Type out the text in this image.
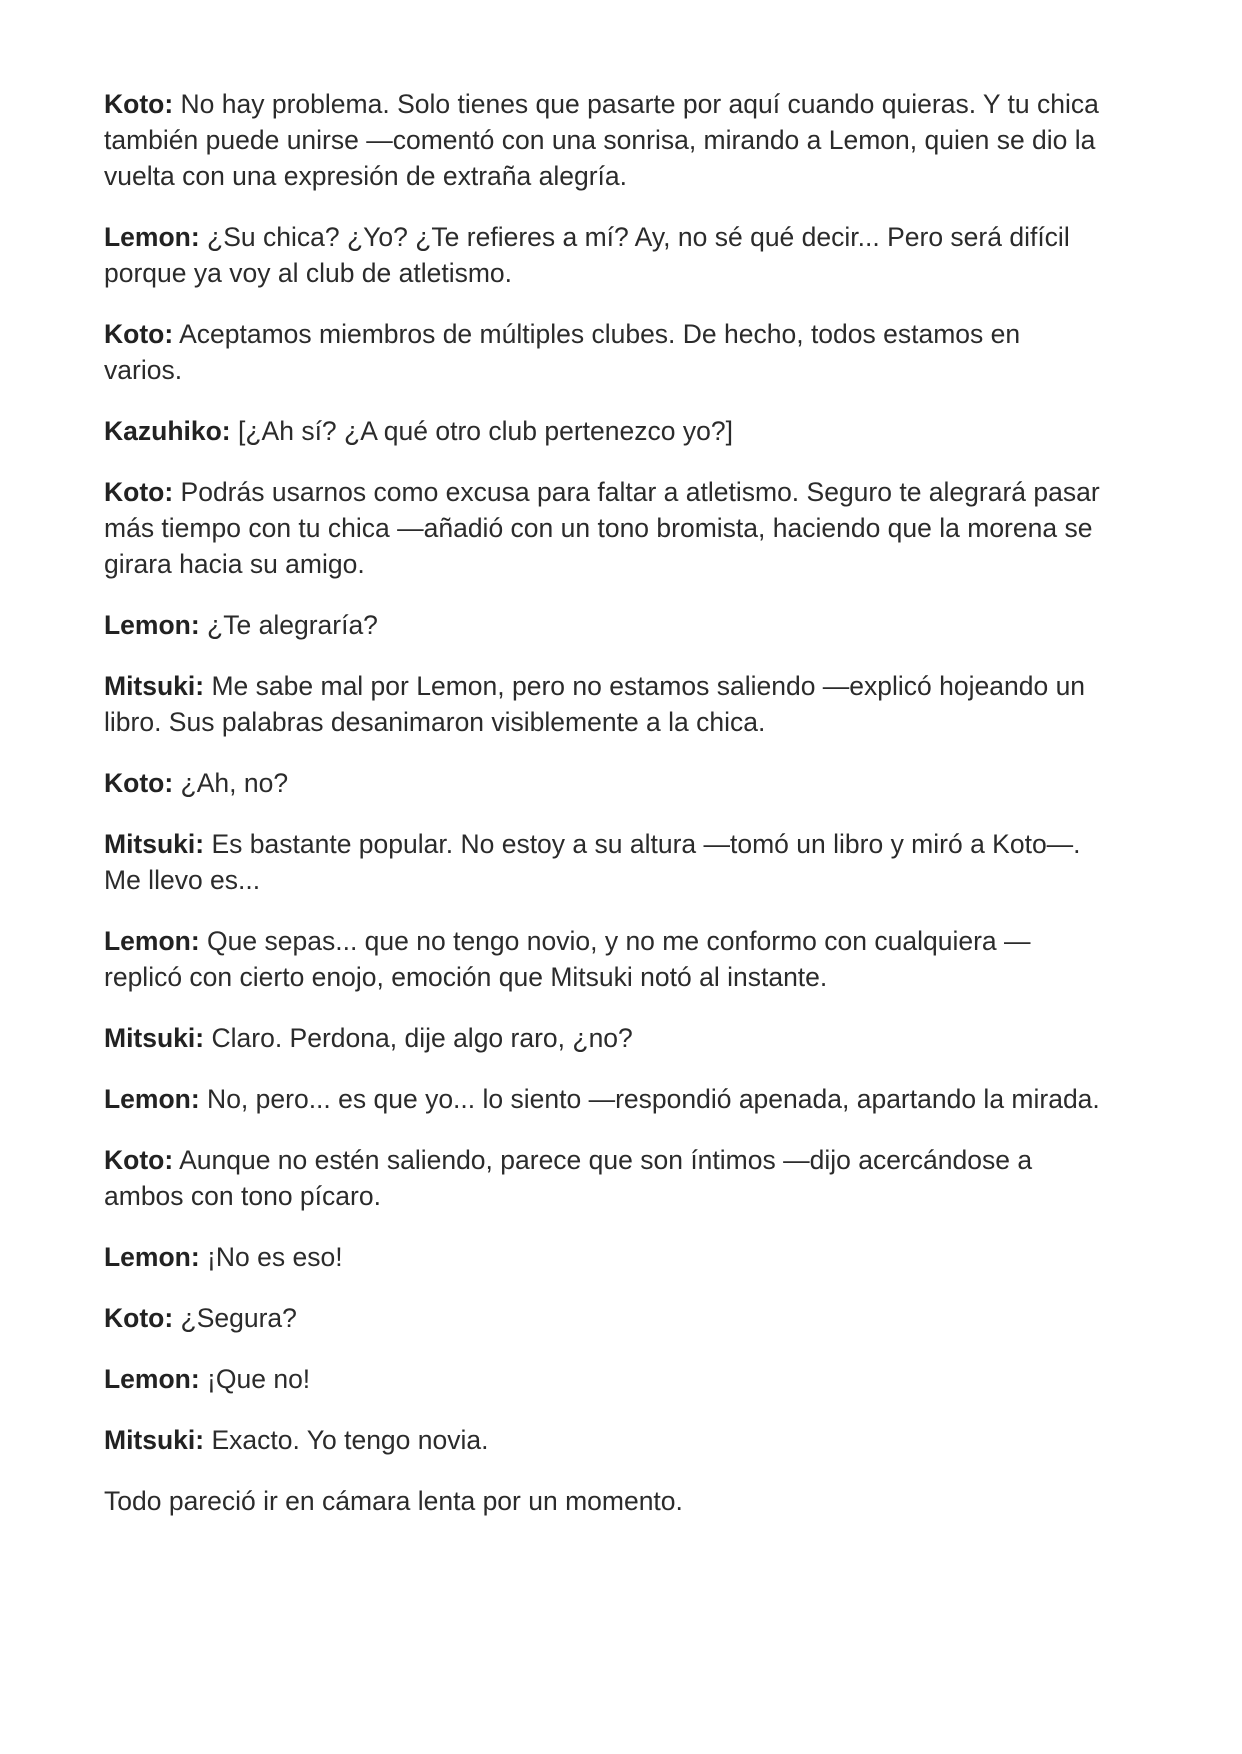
Koto: No hay problema. Solo tienes que pasarte por aquí cuando quieras. Y tu chica también puede unirse —comentó con una sonrisa, mirando a Lemon, quien se dio la vuelta con una expresión de extraña alegría.

Lemon: ¿Su chica? ¿Yo? ¿Te refieres a mí? Ay, no sé qué decir... Pero será difícil porque ya voy al club de atletismo.

Koto: Aceptamos miembros de múltiples clubes. De hecho, todos estamos en varios.

Kazuhiko: [¿Ah sí? ¿A qué otro club pertenezco yo?]

Koto: Podrás usarnos como excusa para faltar a atletismo. Seguro te alegrará pasar más tiempo con tu chica —añadió con un tono bromista, haciendo que la morena se girara hacia su amigo.

Lemon: ¿Te alegraría?

Mitsuki: Me sabe mal por Lemon, pero no estamos saliendo —explicó hojeando un libro. Sus palabras desanimaron visiblemente a la chica.

Koto: ¿Ah, no?

Mitsuki: Es bastante popular. No estoy a su altura —tomó un libro y miró a Koto—. Me llevo es...

Lemon: Que sepas... que no tengo novio, y no me conformo con cualquiera —replicó con cierto enojo, emoción que Mitsuki notó al instante.

Mitsuki: Claro. Perdona, dije algo raro, ¿no?

Lemon: No, pero... es que yo... lo siento —respondió apenada, apartando la mirada.

Koto: Aunque no estén saliendo, parece que son íntimos —dijo acercándose a ambos con tono pícaro.

Lemon: ¡No es eso!

Koto: ¿Segura?

Lemon: ¡Que no!

Mitsuki: Exacto. Yo tengo novia.

Todo pareció ir en cámara lenta por un momento.
